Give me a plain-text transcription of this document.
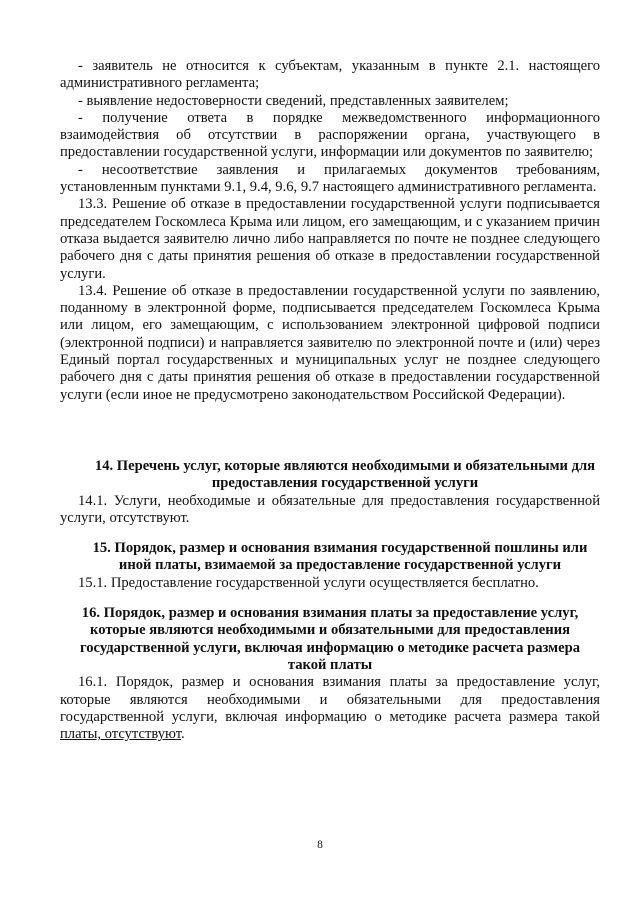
- заявитель не относится к субъектам, указанным в пункте 2.1. настоящего административного регламента;

- выявление недостоверности сведений, представленных заявителем;

- получение ответа в порядке межведомственного информационного взаимодействия об отсутствии в распоряжении органа, участвующего в предоставлении государственной услуги, информации или документов по заявителю;

- несоответствие заявления и прилагаемых документов требованиям, установленным пунктами 9.1, 9.4, 9.6, 9.7 настоящего административного регламента.

13.3. Решение об отказе в предоставлении государственной услуги подписывается председателем Госкомлеса Крыма или лицом, его замещающим, и с указанием причин отказа выдается заявителю лично либо направляется по почте не позднее следующего рабочего дня с даты принятия решения об отказе в предоставлении государственной услуги.

13.4. Решение об отказе в предоставлении государственной услуги по заявлению, поданному в электронной форме, подписывается председателем Госкомлеса Крыма или лицом, его замещающим, с использованием электронной цифровой подписи (электронной подписи) и направляется заявителю по электронной почте и (или) через Единый портал государственных и муниципальных услуг не позднее следующего рабочего дня с даты принятия решения об отказе в предоставлении государственной услуги (если иное не предусмотрено законодательством Российской Федерации).

14. Перечень услуг, которые являются необходимыми и обязательными для предоставления государственной услуги

14.1. Услуги, необходимые и обязательные для предоставления государственной услуги, отсутствуют.

15. Порядок, размер и основания взимания государственной пошлины или иной платы, взимаемой за предоставление государственной услуги

15.1. Предоставление государственной услуги осуществляется бесплатно.

16. Порядок, размер и основания взимания платы за предоставление услуг, которые являются необходимыми и обязательными для предоставления государственной услуги, включая информацию о методике расчета размера такой платы

16.1. Порядок, размер и основания взимания платы за предоставление услуг, которые являются необходимыми и обязательными для предоставления государственной услуги, включая информацию о методике расчета размера такой платы, отсутствуют.

8
